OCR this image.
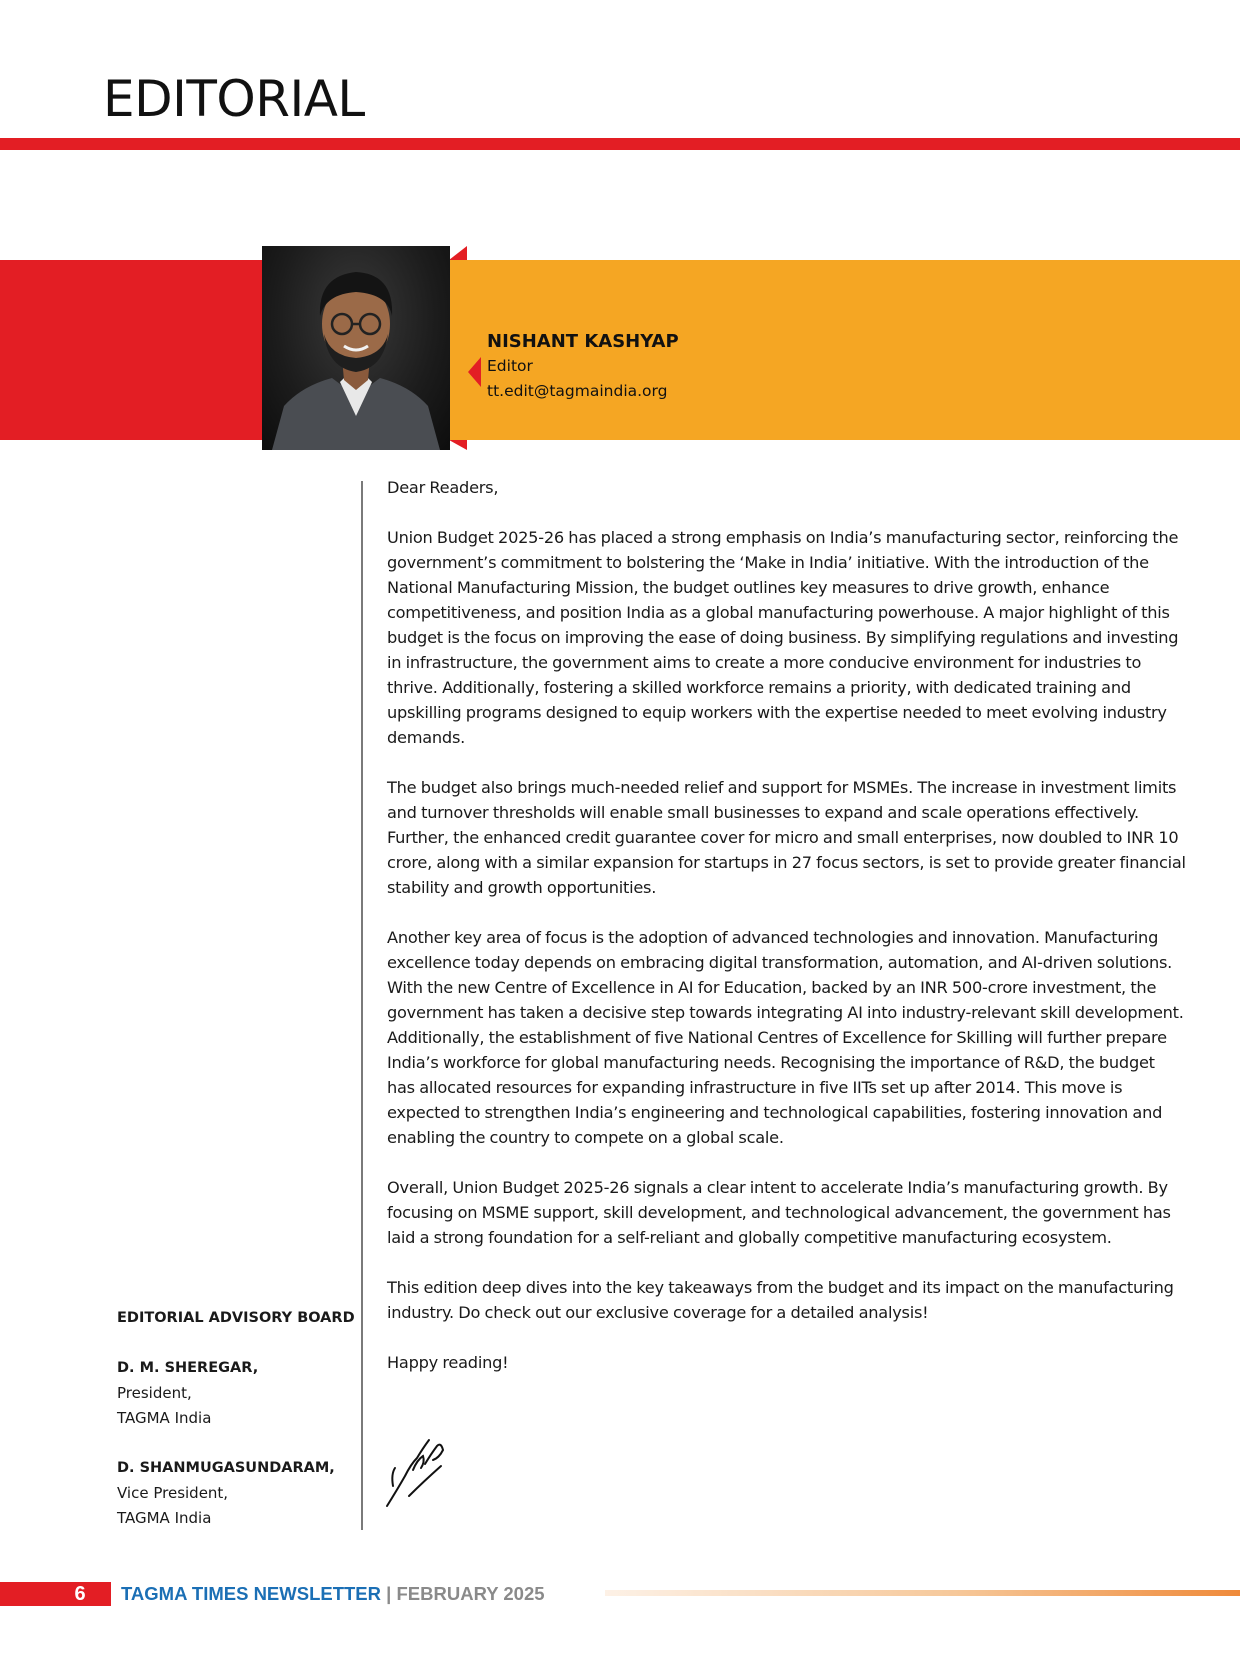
EDITORIAL
NISHANT KASHYAP
Editor
tt.edit@tagmaindia.org

Dear Readers,

Union Budget 2025-26 has placed a strong emphasis on India’s manufacturing sector, reinforcing the government’s commitment to bolstering the ‘Make in India’ initiative. With the introduction of the National Manufacturing Mission, the budget outlines key measures to drive growth, enhance competitiveness, and position India as a global manufacturing powerhouse. A major highlight of this budget is the focus on improving the ease of doing business. By simplifying regulations and investing in infrastructure, the government aims to create a more conducive environment for industries to thrive. Additionally, fostering a skilled workforce remains a priority, with dedicated training and upskilling programs designed to equip workers with the expertise needed to meet evolving industry demands.

The budget also brings much-needed relief and support for MSMEs. The increase in investment limits and turnover thresholds will enable small businesses to expand and scale operations effectively. Further, the enhanced credit guarantee cover for micro and small enterprises, now doubled to INR 10 crore, along with a similar expansion for startups in 27 focus sectors, is set to provide greater financial stability and growth opportunities.

Another key area of focus is the adoption of advanced technologies and innovation. Manufacturing excellence today depends on embracing digital transformation, automation, and AI-driven solutions. With the new Centre of Excellence in AI for Education, backed by an INR 500-crore investment, the government has taken a decisive step towards integrating AI into industry-relevant skill development. Additionally, the establishment of five National Centres of Excellence for Skilling will further prepare India’s workforce for global manufacturing needs. Recognising the importance of R&D, the budget has allocated resources for expanding infrastructure in five IITs set up after 2014. This move is expected to strengthen India’s engineering and technological capabilities, fostering innovation and enabling the country to compete on a global scale.

Overall, Union Budget 2025-26 signals a clear intent to accelerate India’s manufacturing growth. By focusing on MSME support, skill development, and technological advancement, the government has laid a strong foundation for a self-reliant and globally competitive manufacturing ecosystem.

This edition deep dives into the key takeaways from the budget and its impact on the manufacturing industry. Do check out our exclusive coverage for a detailed analysis!

Happy reading!

EDITORIAL ADVISORY BOARD
D. M. SHEREGAR,
President,
TAGMA India
D. SHANMUGASUNDARAM,
Vice President,
TAGMA India
6	TAGMA TIMES NEWSLETTER | FEBRUARY 2025
